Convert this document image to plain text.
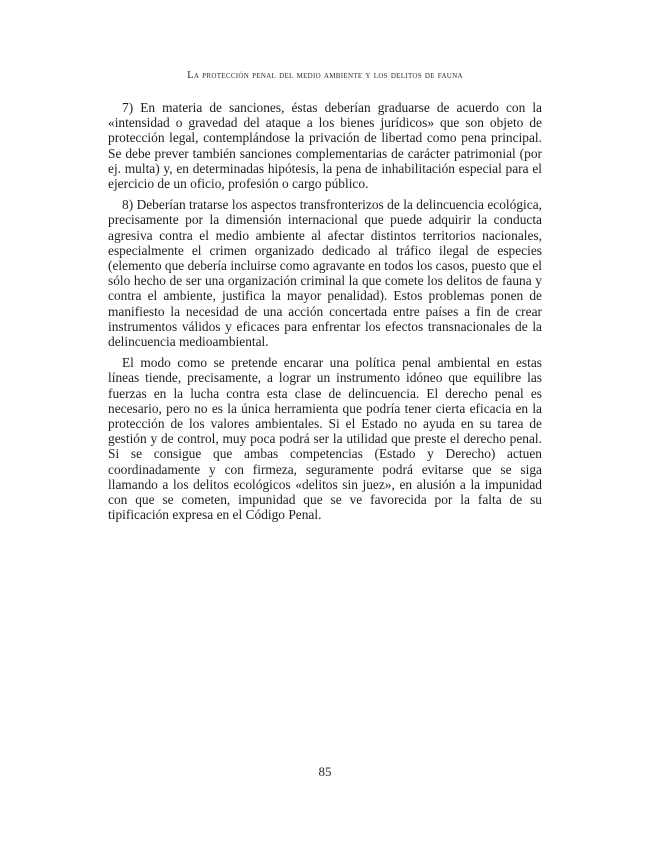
La protección penal del medio ambiente y los delitos de fauna

7) En materia de sanciones, éstas deberían graduarse de acuerdo con la «intensidad o gravedad del ataque a los bienes jurídicos» que son objeto de protección legal, contemplándose la privación de libertad como pena principal. Se debe prever también sanciones complementarias de carácter patrimonial (por ej. multa) y, en determinadas hipótesis, la pena de inhabilitación especial para el ejercicio de un oficio, profesión o cargo público.

8) Deberían tratarse los aspectos transfronterizos de la delincuencia ecológica, precisamente por la dimensión internacional que puede adquirir la conducta agresiva contra el medio ambiente al afectar distintos territorios nacionales, especialmente el crimen organizado dedicado al tráfico ilegal de especies (elemento que debería incluirse como agravante en todos los casos, puesto que el sólo hecho de ser una organización criminal la que comete los delitos de fauna y contra el ambiente, justifica la mayor penalidad). Estos problemas ponen de manifiesto la necesidad de una acción concertada entre países a fin de crear instrumentos válidos y eficaces para enfrentar los efectos transnacionales de la delincuencia medioambiental.

El modo como se pretende encarar una política penal ambiental en estas líneas tiende, precisamente, a lograr un instrumento idóneo que equilibre las fuerzas en la lucha contra esta clase de delincuencia. El derecho penal es necesario, pero no es la única herramienta que podría tener cierta eficacia en la protección de los valores ambientales. Si el Estado no ayuda en su tarea de gestión y de control, muy poca podrá ser la utilidad que preste el derecho penal. Si se consigue que ambas competencias (Estado y Derecho) actuen coordinadamente y con firmeza, seguramente podrá evitarse que se siga llamando a los delitos ecológicos «delitos sin juez», en alusión a la impunidad con que se cometen, impunidad que se ve favorecida por la falta de su tipificación expresa en el Código Penal.

85
